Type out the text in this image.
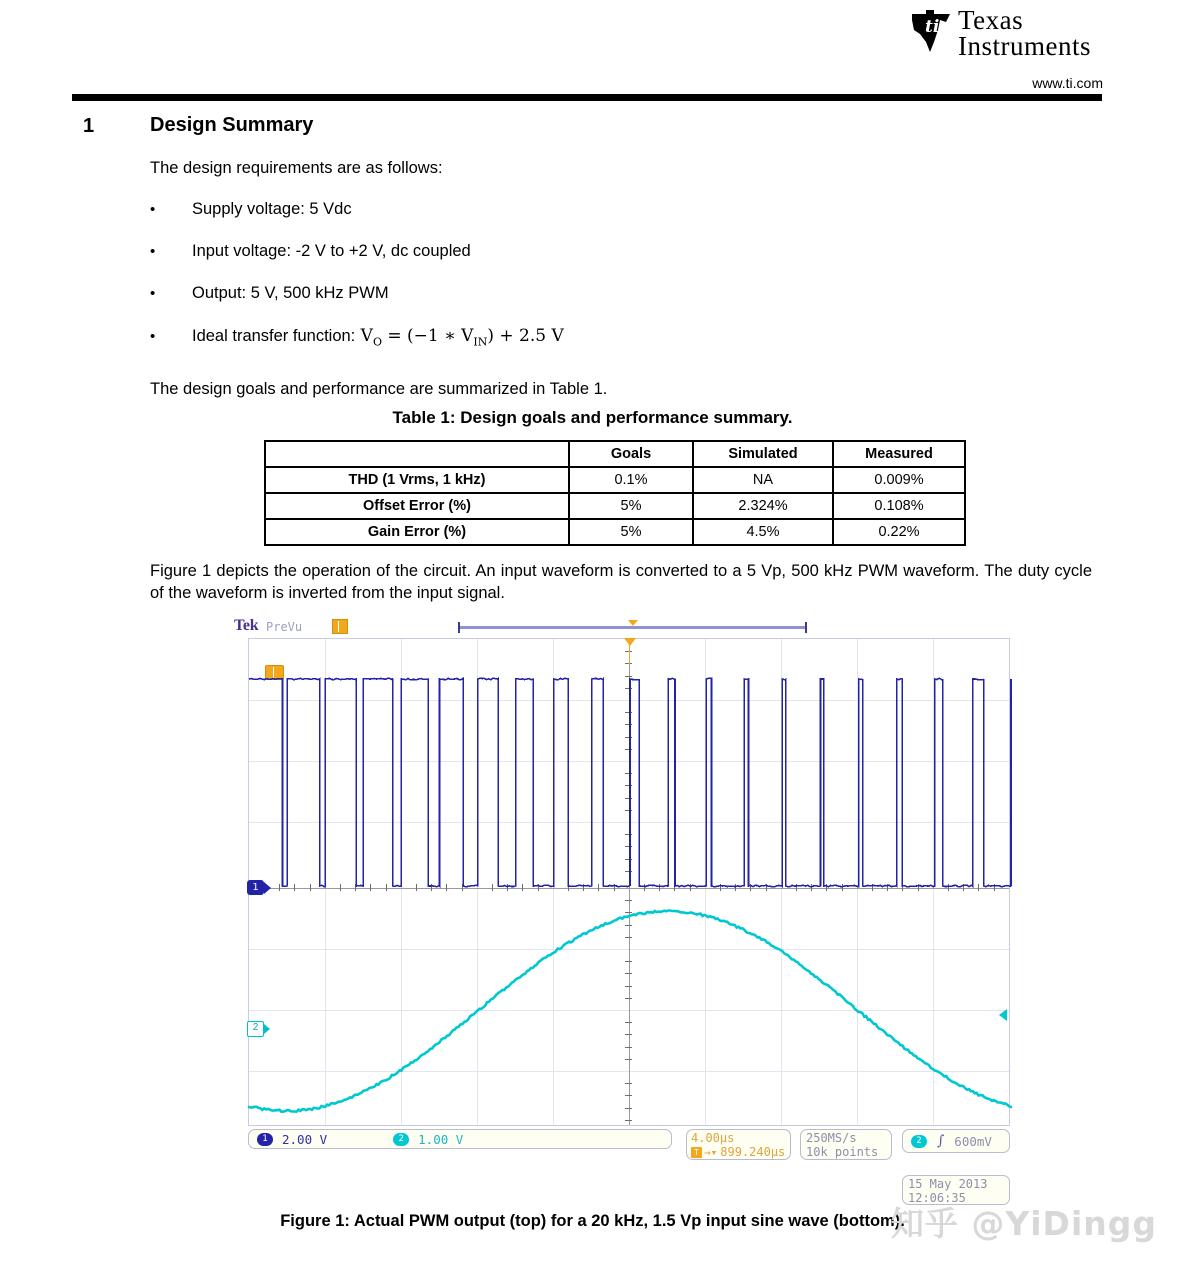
ti Texas
Instruments
www.ti.com
1	Design Summary
The design requirements are as follows:
•	Supply voltage: 5 Vdc
•	Input voltage: -2 V to +2 V, dc coupled
•	Output: 5 V, 500 kHz PWM
•	Ideal transfer function: $V_O = (-1$ ∗ $V_{IN}) + 2.5$ V
The design goals and performance are summarized in Table 1.
Table 1: Design goals and performance summary.
	Goals	Simulated	Measured
THD (1 Vrms, 1 kHz)	0.1%	NA	0.009%
Offset Error (%)	5%	2.324%	0.108%
Gain Error (%)	5%	4.5%	0.22%
Figure 1 depicts the operation of the circuit. An input waveform is converted to a 5 Vp, 500 kHz PWM waveform. The duty cycle of the waveform is inverted from the input signal.
Tek PreVu
1
2
1	2.00 V	2	1.00 V	4.00µs
T →▾ 899.240µs
250MS/s
10k points
2	∫ 600mV
15 May 2013
12:06:35
Figure 1: Actual PWM output (top) for a 20 kHz, 1.5 Vp input sine wave (bottom).
知乎 @YiDingg
